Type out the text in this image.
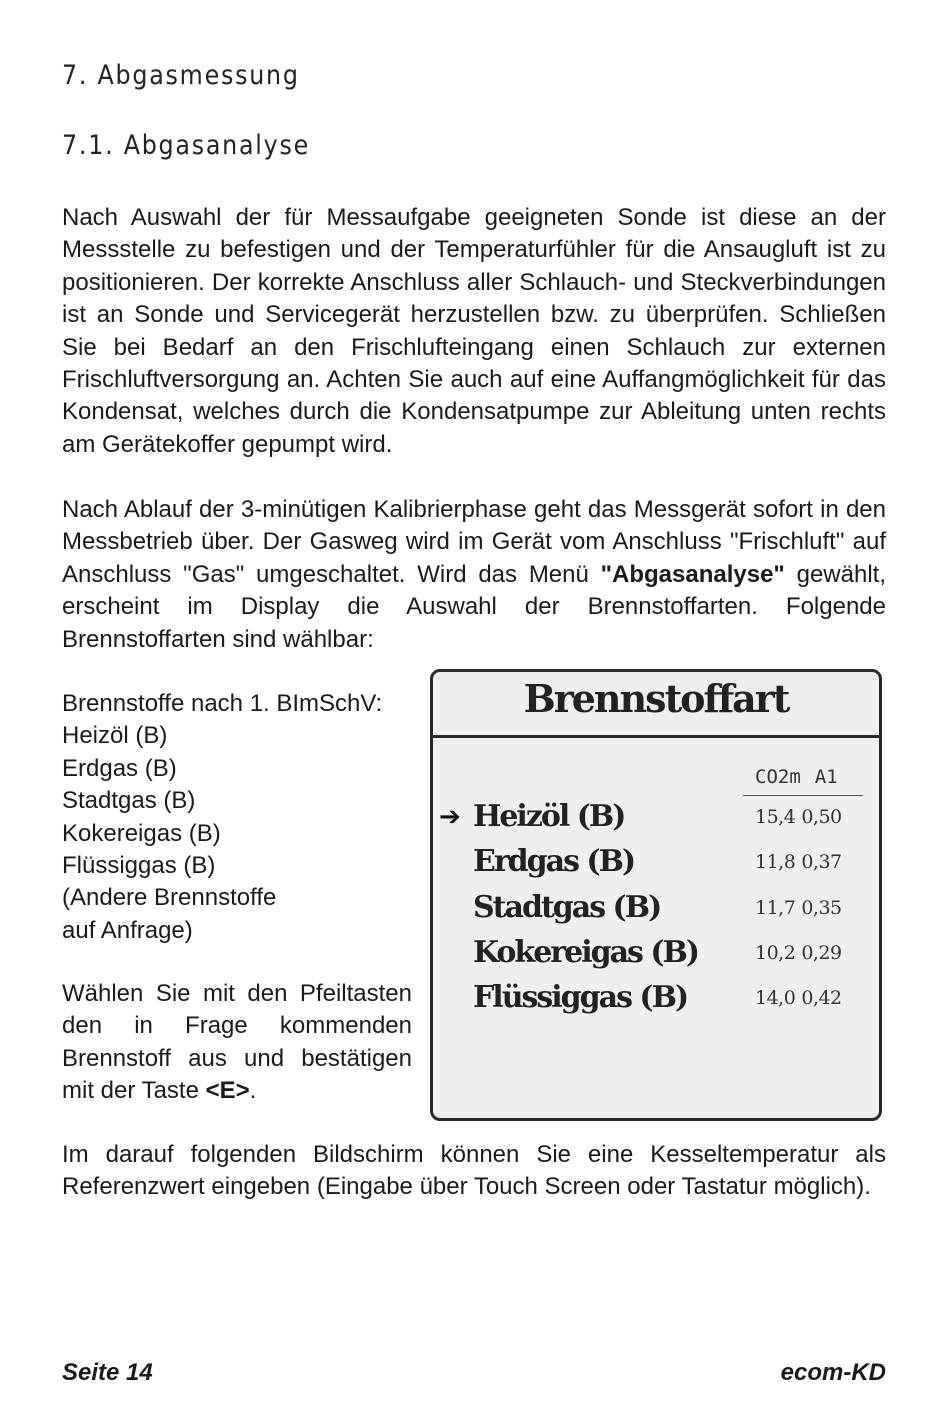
7. Abgasmessung
7.1. Abgasanalyse

Nach Auswahl der für Messaufgabe geeigneten Sonde ist diese an der Messstelle zu befestigen und der Temperaturfühler für die Ansaugluft ist zu positionieren. Der korrekte Anschluss aller Schlauch- und Steckverbindungen ist an Sonde und Servicegerät herzustellen bzw. zu überprüfen. Schließen Sie bei Bedarf an den Frischlufteingang einen Schlauch zur externen Frischluftversorgung an. Achten Sie auch auf eine Auffangmöglichkeit für das Kondensat, welches durch die Kondensatpumpe zur Ableitung unten rechts am Gerätekoffer gepumpt wird.

Nach Ablauf der 3-minütigen Kalibrierphase geht das Messgerät sofort in den Messbetrieb über. Der Gasweg wird im Gerät vom Anschluss "Frischluft" auf Anschluss "Gas" umgeschaltet. Wird das Menü "Abgasanalyse" gewählt, erscheint im Display die Auswahl der Brennstoffarten. Folgende Brennstoffarten sind wählbar:

Brennstoffe nach 1. BImSchV:
Heizöl (B)
Erdgas (B)
Stadtgas (B)
Kokereigas (B)
Flüssiggas (B)
(Andere Brennstoffe
auf Anfrage)

Wählen Sie mit den Pfeiltasten den in Frage kommenden Brennstoff aus und bestätigen mit der Taste <E>.

Brennstoffart
CO2m A1
➔ Heizöl (B)	15,4 0,50
Erdgas (B)	11,8 0,37
Stadtgas (B)	11,7 0,35
Kokereigas (B)	10,2 0,29
Flüssiggas (B)	14,0 0,42

Im darauf folgenden Bildschirm können Sie eine Kesseltemperatur als Referenzwert eingeben (Eingabe über Touch Screen oder Tastatur möglich).

Seite 14	ecom-KD
